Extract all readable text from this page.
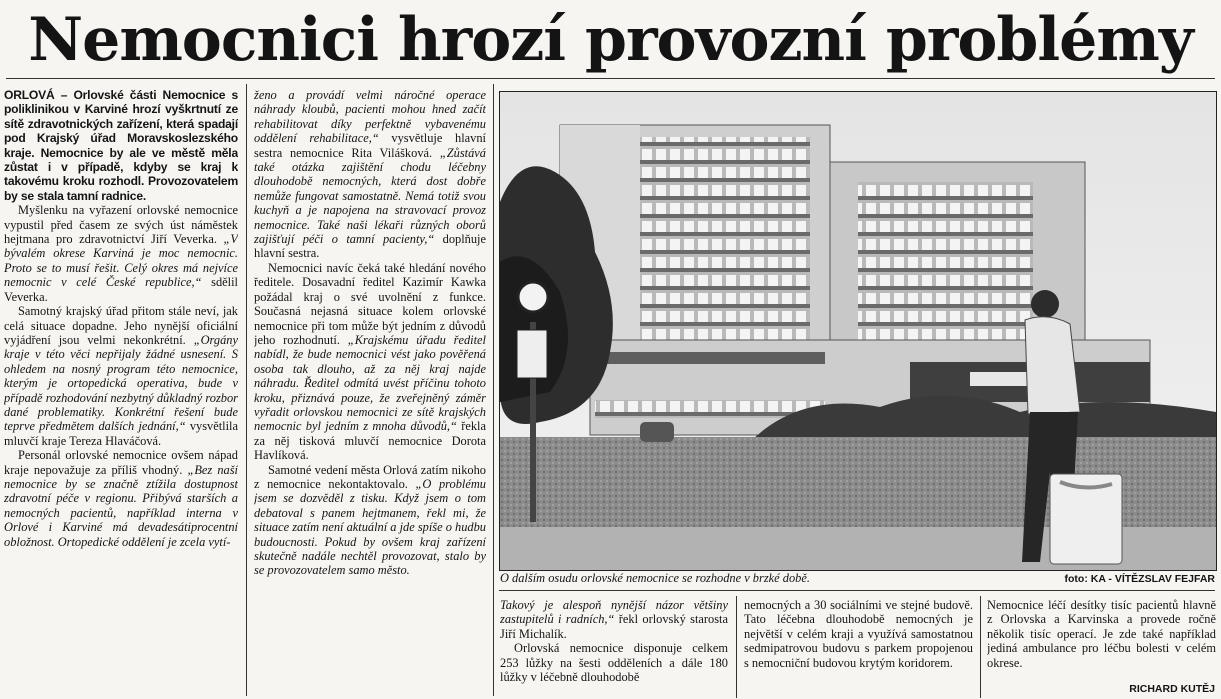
Nemocnici hrozí provozní problémy

ORLOVÁ – Orlovské části Nemocnice s poliklinikou v Karviné hrozí vyškrtnutí ze sítě zdravotnických zařízení, která spadají pod Krajský úřad Moravskoslezského kraje. Nemocnice by ale ve městě měla zůstat i v případě, kdyby se kraj k takovému kroku rozhodl. Provozovatelem by se stala tamní radnice.

Myšlenku na vyřazení orlovské nemocnice vypustil před časem ze svých úst náměstek hejtmana pro zdravotnictví Jiří Veverka. „V bývalém okrese Karviná je moc nemocnic. Proto se to musí řešit. Celý okres má nejvíce nemocnic v celé České republice,“ sdělil Veverka.

Samotný krajský úřad přitom stále neví, jak celá situace dopadne. Jeho nynější oficiální vyjádření jsou velmi nekonkrétní. „Orgány kraje v této věci nepřijaly žádné usnesení. S ohledem na nosný program této nemocnice, kterým je ortopedická operativa, bude v případě rozhodování nezbytný důkladný rozbor dané problematiky. Konkrétní řešení bude teprve předmětem dalších jednání,“ vysvětlila mluvčí kraje Tereza Hlaváčová.

Personál orlovské nemocnice ovšem nápad kraje nepovažuje za příliš vhodný. „Bez naší nemocnice by se značně ztížila dostupnost zdravotní péče v regionu. Přibývá starších a nemocných pacientů, například interna v Orlové i Karviné má devadesátiprocentní obložnost. Ortopedické oddělení je zcela vytí-

ženo a provádí velmi náročné operace náhrady kloubů, pacienti mohou hned začít rehabilitovat díky perfektně vybavenému oddělení rehabilitace,“ vysvětluje hlavní sestra nemocnice Rita Vilášková. „Zůstává také otázka zajištění chodu léčebny dlouhodobě nemocných, která dost dobře nemůže fungovat samostatně. Nemá totiž svou kuchyň a je napojena na stravovací provoz nemocnice. Také naši lékaři různých oborů zajišťují péči o tamní pacienty,“ doplňuje hlavní sestra.

Nemocnici navíc čeká také hledání nového ředitele. Dosavadní ředitel Kazimír Kawka požádal kraj o své uvolnění z funkce. Současná nejasná situace kolem orlovské nemocnice při tom může být jedním z důvodů jeho rozhodnutí. „Krajskému úřadu ředitel nabídl, že bude nemocnici vést jako pověřená osoba tak dlouho, až za něj kraj najde náhradu. Ředitel odmítá uvést příčinu tohoto kroku, přiznává pouze, že zveřejněný záměr vyřadit orlovskou nemocnici ze sítě krajských nemocnic byl jedním z mnoha důvodů,“ řekla za něj tisková mluvčí nemocnice Dorota Havlíková.

Samotné vedení města Orlová zatím nikoho z nemocnice nekontaktovalo. „O problému jsem se dozvěděl z tisku. Když jsem o tom debatoval s panem hejtmanem, řekl mi, že situace zatím není aktuální a jde spíše o hudbu budoucnosti. Pokud by ovšem kraj zařízení skutečně nadále nechtěl provozovat, stalo by se provozovatelem samo město.

O dalším osudu orlovské nemocnice se rozhodne v brzké době.	foto: KA - VÍTĚZSLAV FEJFAR

Takový je alespoň nynější názor většiny zastupitelů i radních,“ řekl orlovský starosta Jiří Michalík.

Orlovská nemocnice disponuje celkem 253 lůžky na šesti odděleních a dále 180 lůžky v léčebně dlouhodobě

nemocných a 30 sociálními ve stejné budově. Tato léčebna dlouhodobě nemocných je největší v celém kraji a využívá samostatnou sedmipatrovou budovu s parkem propojenou s nemocniční budovou krytým koridorem.

Nemocnice léčí desítky tisíc pacientů hlavně z Orlovska a Karvinska a provede ročně několik tisíc operací. Je zde také například jediná ambulance pro léčbu bolesti v celém okrese.

RICHARD KUTĚJ
